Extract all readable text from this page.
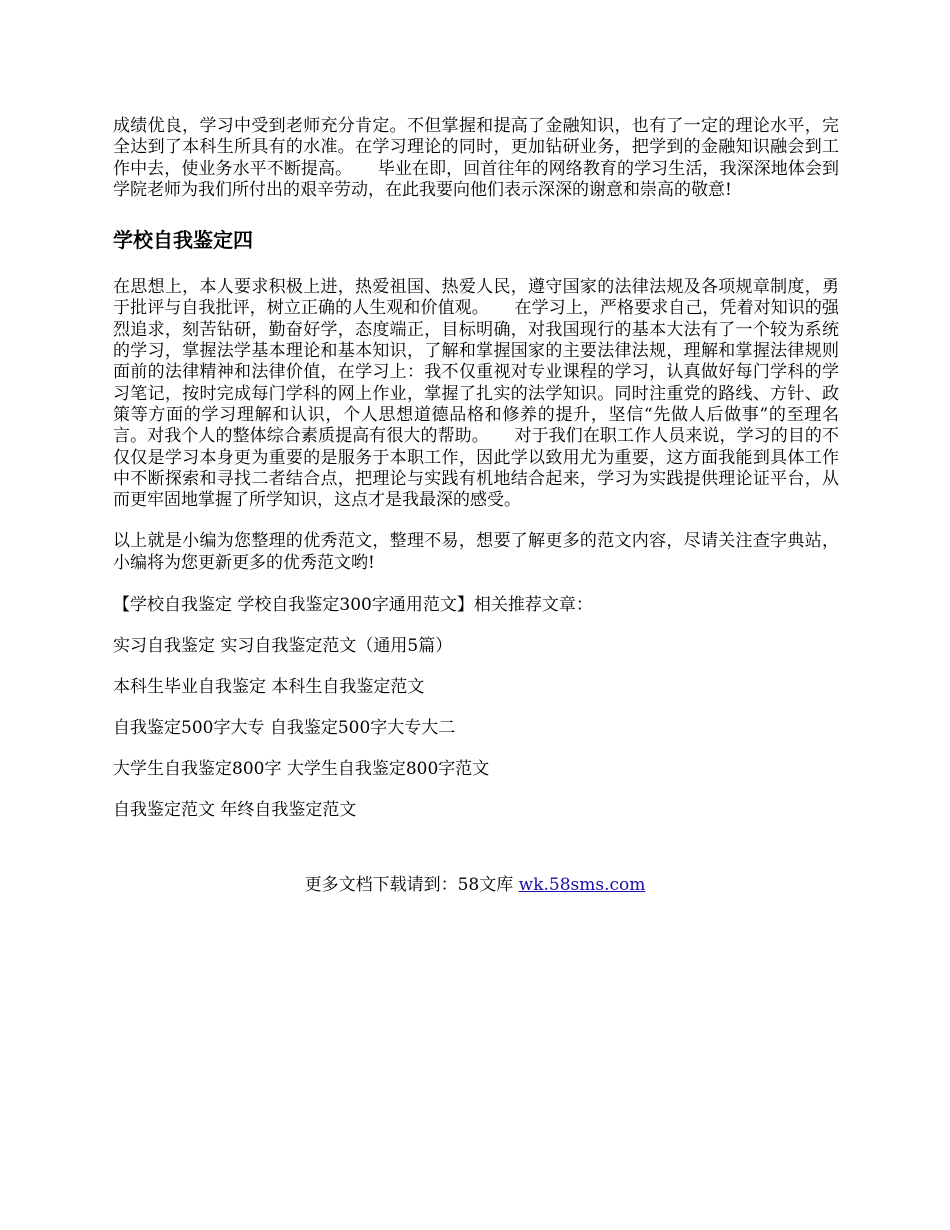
成绩优良，学习中受到老师充分肯定。不但掌握和提高了金融知识，也有了一定的理论水平，完全达到了本科生所具有的水准。在学习理论的同时，更加钻研业务，把学到的金融知识融会到工作中去，使业务水平不断提高。　　毕业在即，回首往年的网络教育的学习生活，我深深地体会到学院老师为我们所付出的艰辛劳动，在此我要向他们表示深深的谢意和崇高的敬意!

学校自我鉴定四

在思想上，本人要求积极上进，热爱祖国、热爱人民，遵守国家的法律法规及各项规章制度，勇于批评与自我批评，树立正确的人生观和价值观。　　在学习上，严格要求自己，凭着对知识的强烈追求，刻苦钻研，勤奋好学，态度端正，目标明确，对我国现行的基本大法有了一个较为系统的学习，掌握法学基本理论和基本知识，了解和掌握国家的主要法律法规，理解和掌握法律规则面前的法律精神和法律价值，在学习上：我不仅重视对专业课程的学习，认真做好每门学科的学习笔记，按时完成每门学科的网上作业，掌握了扎实的法学知识。同时注重党的路线、方针、政策等方面的学习理解和认识，个人思想道德品格和修养的提升，坚信“先做人后做事”的至理名言。对我个人的整体综合素质提高有很大的帮助。　　对于我们在职工作人员来说，学习的目的不仅仅是学习本身更为重要的是服务于本职工作，因此学以致用尤为重要，这方面我能到具体工作中不断探索和寻找二者结合点，把理论与实践有机地结合起来，学习为实践提供理论证平台，从而更牢固地掌握了所学知识，这点才是我最深的感受。

以上就是小编为您整理的优秀范文，整理不易，想要了解更多的范文内容，尽请关注查字典站，小编将为您更新更多的优秀范文哟!

【学校自我鉴定 学校自我鉴定300字通用范文】相关推荐文章：

实习自我鉴定 实习自我鉴定范文（通用5篇）

本科生毕业自我鉴定 本科生自我鉴定范文

自我鉴定500字大专 自我鉴定500字大专大二

大学生自我鉴定800字 大学生自我鉴定800字范文

自我鉴定范文 年终自我鉴定范文

更多文档下载请到：58文库 wk.58sms.com
